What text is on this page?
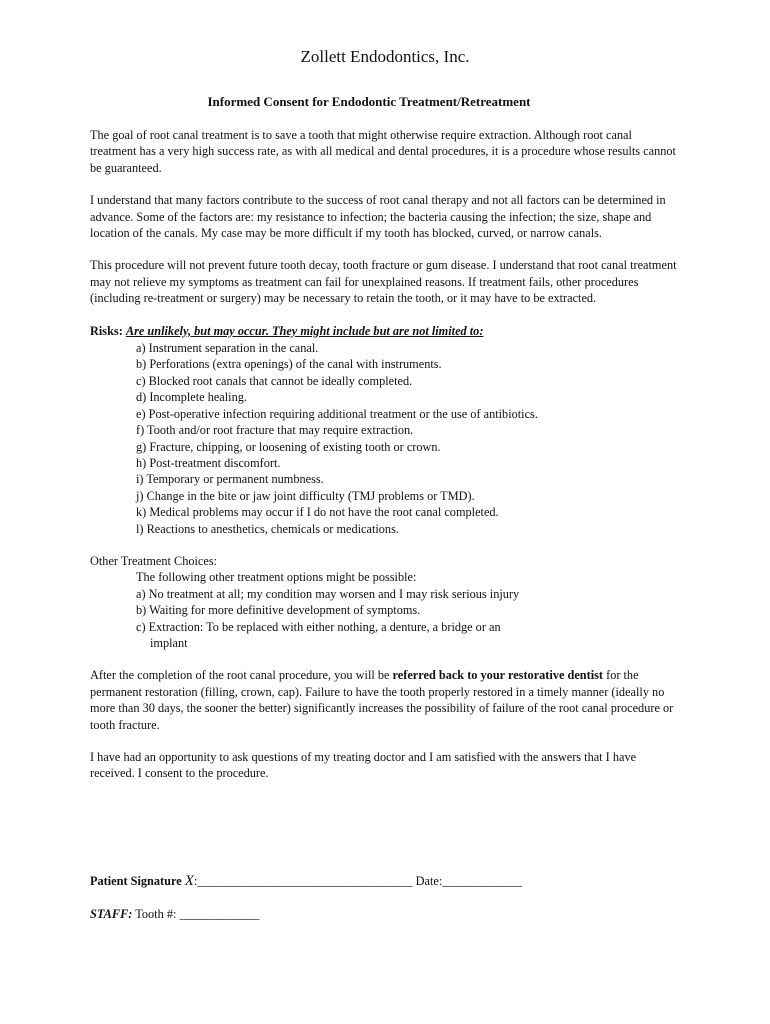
Zollett Endodontics, Inc.
Informed Consent for Endodontic Treatment/Retreatment

The goal of root canal treatment is to save a tooth that might otherwise require extraction. Although root canal treatment has a very high success rate, as with all medical and dental procedures, it is a procedure whose results cannot be guaranteed.

I understand that many factors contribute to the success of root canal therapy and not all factors can be determined in advance. Some of the factors are: my resistance to infection; the bacteria causing the infection; the size, shape and location of the canals. My case may be more difficult if my tooth has blocked, curved, or narrow canals.

This procedure will not prevent future tooth decay, tooth fracture or gum disease. I understand that root canal treatment may not relieve my symptoms as treatment can fail for unexplained reasons. If treatment fails, other procedures (including re-treatment or surgery) may be necessary to retain the tooth, or it may have to be extracted.

Risks: Are unlikely, but may occur. They might include but are not limited to:

a) Instrument separation in the canal.
b) Perforations (extra openings) of the canal with instruments.
c) Blocked root canals that cannot be ideally completed.
d) Incomplete healing.
e) Post-operative infection requiring additional treatment or the use of antibiotics.
f) Tooth and/or root fracture that may require extraction.
g) Fracture, chipping, or loosening of existing tooth or crown.
h) Post-treatment discomfort.
i) Temporary or permanent numbness.
j) Change in the bite or jaw joint difficulty (TMJ problems or TMD).
k) Medical problems may occur if I do not have the root canal completed.
l) Reactions to anesthetics, chemicals or medications.

Other Treatment Choices:

The following other treatment options might be possible:

a) No treatment at all; my condition may worsen and I may risk serious injury
b) Waiting for more definitive development of symptoms.
c) Extraction: To be replaced with either nothing, a denture, a bridge or an implant

After the completion of the root canal procedure, you will be referred back to your restorative dentist for the permanent restoration (filling, crown, cap). Failure to have the tooth properly restored in a timely manner (ideally no more than 30 days, the sooner the better) significantly increases the possibility of failure of the root canal procedure or tooth fracture.

I have had an opportunity to ask questions of my treating doctor and I am satisfied with the answers that I have received. I consent to the procedure.

Patient Signature X:___________________________________ Date:_____________
STAFF: Tooth #: _____________
